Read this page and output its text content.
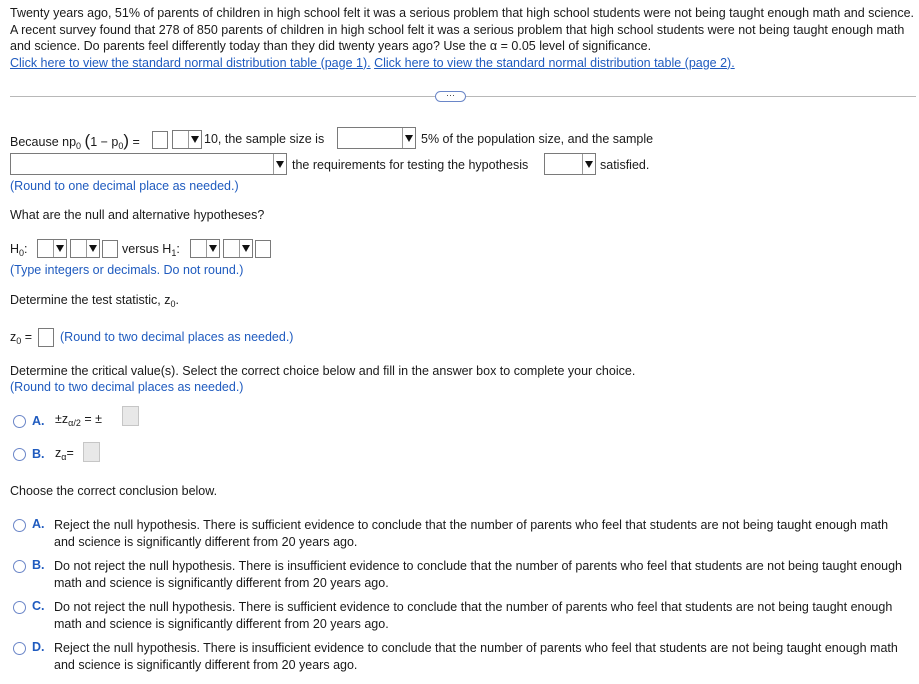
Twenty years ago, 51% of parents of children in high school felt it was a serious problem that high school students were not being taught enough math and science. A recent survey found that 278 of 850 parents of children in high school felt it was a serious problem that high school students were not being taught enough math and science. Do parents feel differently today than they did twenty years ago? Use the α = 0.05 level of significance.
Click here to view the standard normal distribution table (page 1). Click here to view the standard normal distribution table (page 2).
···
Because $np_0$ $(1 - p_0)$ =	10, the sample size is	5% of the population size, and the sample
the requirements for testing the hypothesis	satisfied.
(Round to one decimal place as needed.)
What are the null and alternative hypotheses?
$H_0$:	versus $H_1$:
(Type integers or decimals. Do not round.)
Determine the test statistic, $z_0$.
$z_0$ = (Round to two decimal places as needed.)
Determine the critical value(s). Select the correct choice below and fill in the answer box to complete your choice.
(Round to two decimal places as needed.)
A. $\pm z_{\alpha/2}$ = ±
B. $z_\alpha=$
Choose the correct conclusion below.
A. Reject the null hypothesis. There is sufficient evidence to conclude that the number of parents who feel that students are not being taught enough math and science is significantly different from 20 years ago.
B. Do not reject the null hypothesis. There is insufficient evidence to conclude that the number of parents who feel that students are not being taught enough math and science is significantly different from 20 years ago.
C. Do not reject the null hypothesis. There is sufficient evidence to conclude that the number of parents who feel that students are not being taught enough math and science is significantly different from 20 years ago.
D. Reject the null hypothesis. There is insufficient evidence to conclude that the number of parents who feel that students are not being taught enough math and science is significantly different from 20 years ago.
